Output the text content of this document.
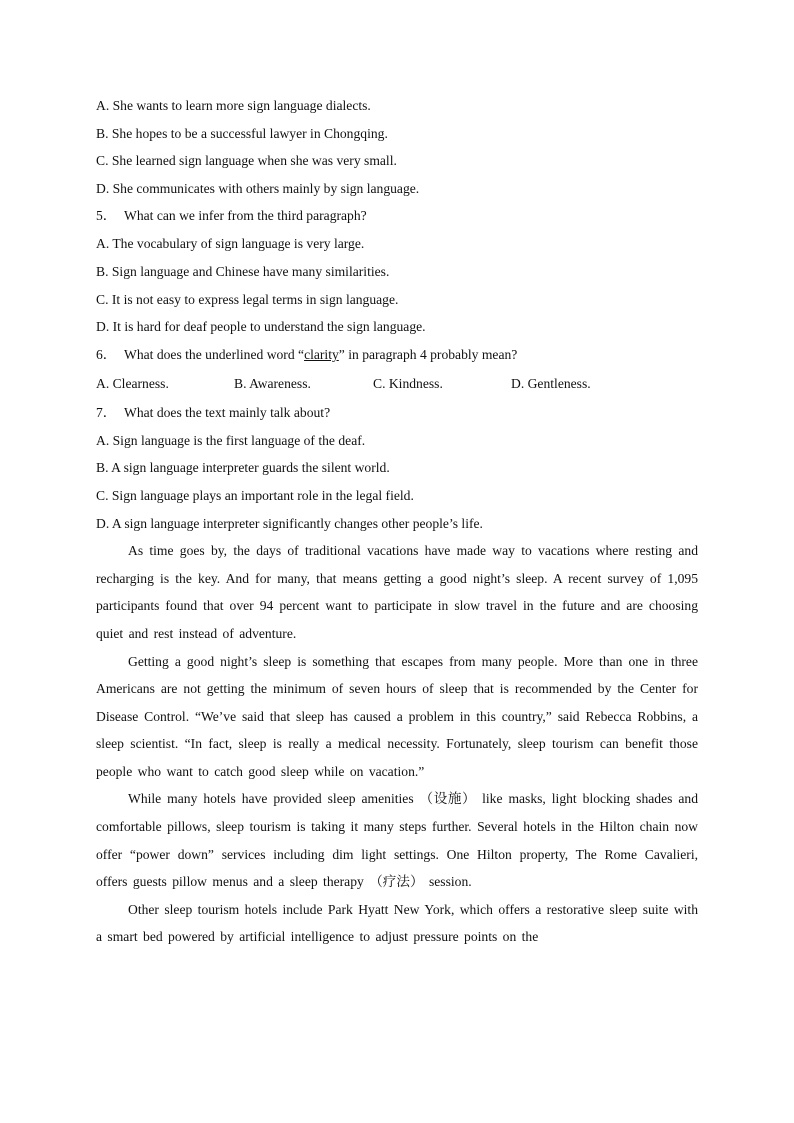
A. She wants to learn more sign language dialects.
B. She hopes to be a successful lawyer in Chongqing.
C. She learned sign language when she was very small.
D. She communicates with others mainly by sign language.
5． What can we infer from the third paragraph?
A. The vocabulary of sign language is very large.
B. Sign language and Chinese have many similarities.
C. It is not easy to express legal terms in sign language.
D. It is hard for deaf people to understand the sign language.
6． What does the underlined word “clarity” in paragraph 4 probably mean?
A. Clearness.	B. Awareness.	C. Kindness.	D. Gentleness.
7． What does the text mainly talk about?
A. Sign language is the first language of the deaf.
B. A sign language interpreter guards the silent world.
C. Sign language plays an important role in the legal field.
D. A sign language interpreter significantly changes other people’s life.

As time goes by, the days of traditional vacations have made way to vacations where resting and recharging is the key. And for many, that means getting a good night’s sleep. A recent survey of 1,095 participants found that over 94 percent want to participate in slow travel in the future and are choosing quiet and rest instead of adventure.

Getting a good night’s sleep is something that escapes from many people. More than one in three Americans are not getting the minimum of seven hours of sleep that is recommended by the Center for Disease Control. “We’ve said that sleep has caused a problem in this country,” said Rebecca Robbins, a sleep scientist. “In fact, sleep is really a medical necessity. Fortunately, sleep tourism can benefit those people who want to catch good sleep while on vacation.”

While many hotels have provided sleep amenities （设施） like masks, light blocking shades and comfortable pillows, sleep tourism is taking it many steps further. Several hotels in the Hilton chain now offer “power down” services including dim light settings. One Hilton property, The Rome Cavalieri, offers guests pillow menus and a sleep therapy （疗法） session.

Other sleep tourism hotels include Park Hyatt New York, which offers a restorative sleep suite with a smart bed powered by artificial intelligence to adjust pressure points on the
